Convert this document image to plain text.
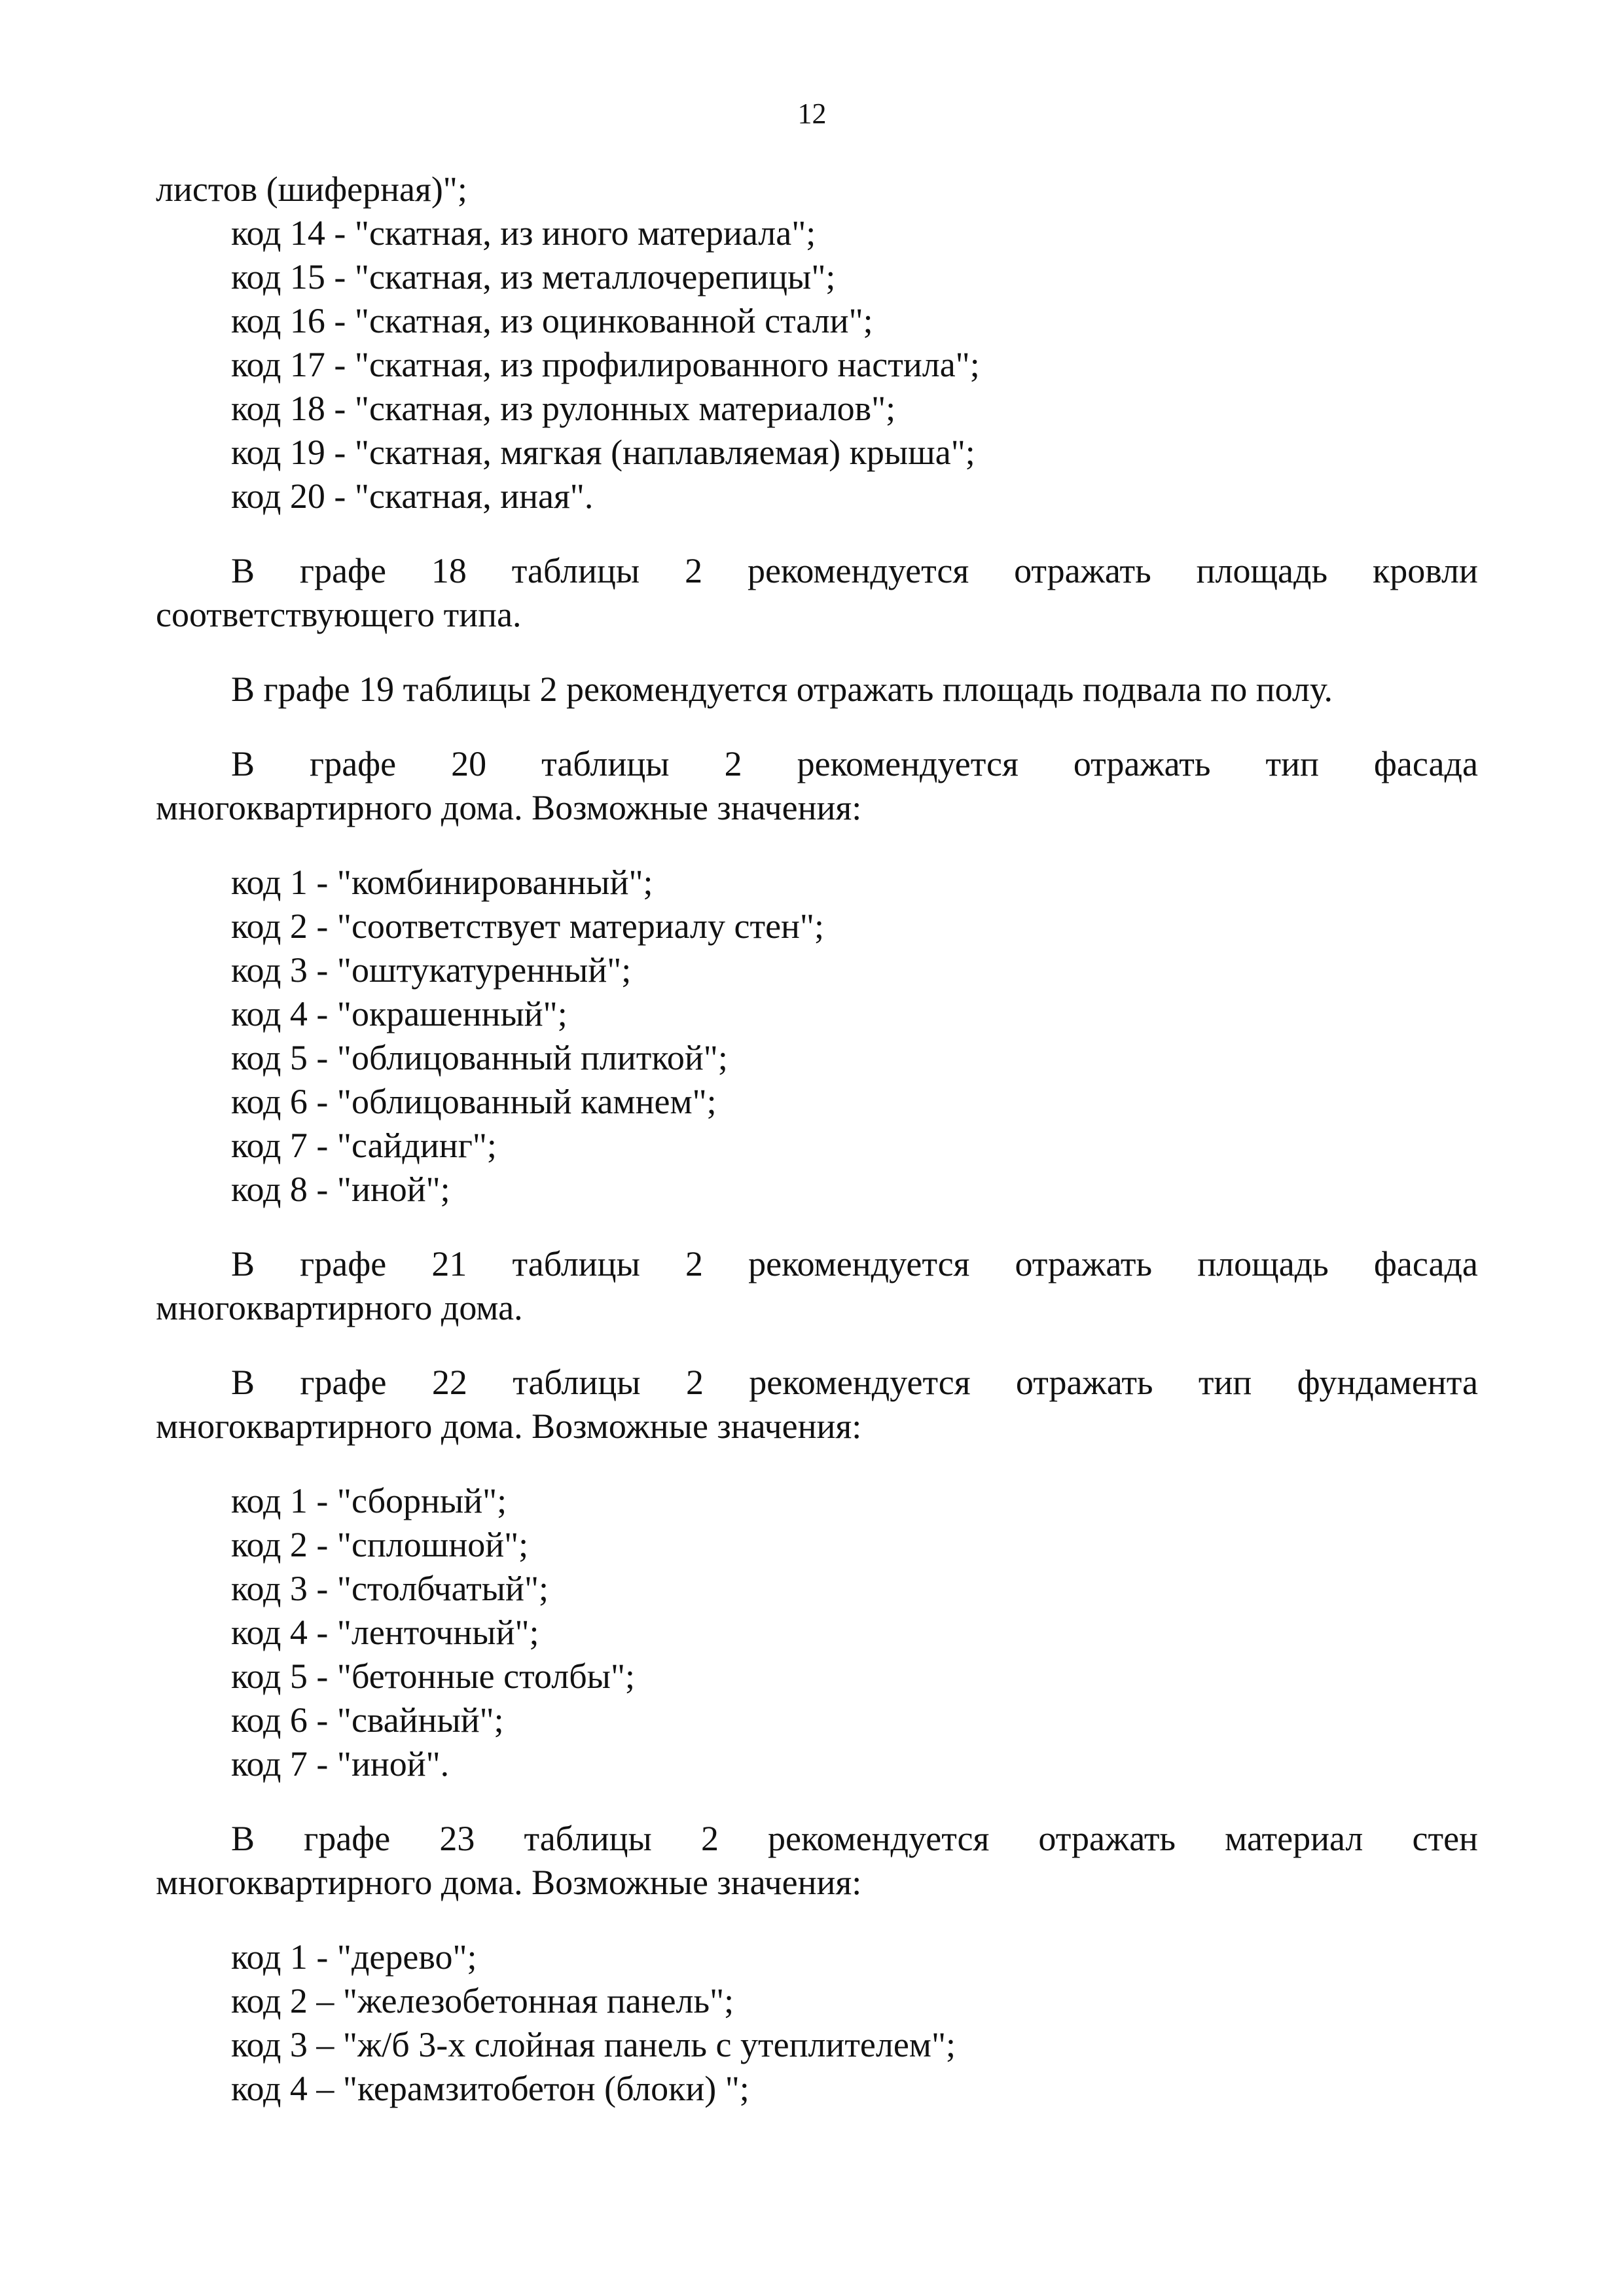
12
листов (шиферная)";
код 14 - "скатная, из иного материала";
код 15 - "скатная, из металлочерепицы";
код 16 - "скатная, из оцинкованной стали";
код 17 - "скатная, из профилированного настила";
код 18 - "скатная, из рулонных материалов";
код 19 - "скатная, мягкая (наплавляемая) крыша";
код 20 - "скатная, иная".
В графе 18 таблицы 2 рекомендуется отражать площадь кровли
соответствующего типа.
В графе 19 таблицы 2 рекомендуется отражать площадь подвала по полу.
В графе 20 таблицы 2 рекомендуется отражать тип фасада
многоквартирного дома. Возможные значения:
код 1 - "комбинированный";
код 2 - "соответствует материалу стен";
код 3 - "оштукатуренный";
код 4 - "окрашенный";
код 5 - "облицованный плиткой";
код 6 - "облицованный камнем";
код 7 - "сайдинг";
код 8 - "иной";
В графе 21 таблицы 2 рекомендуется отражать площадь фасада
многоквартирного дома.
В графе 22 таблицы 2 рекомендуется отражать тип фундамента
многоквартирного дома. Возможные значения:
код 1 - "сборный";
код 2 - "сплошной";
код 3 - "столбчатый";
код 4 - "ленточный";
код 5 - "бетонные столбы";
код 6 - "свайный";
код 7 - "иной".
В графе 23 таблицы 2 рекомендуется отражать материал стен
многоквартирного дома. Возможные значения:
код 1 - "дерево";
код 2 – "железобетонная панель";
код 3 – "ж/б 3-х слойная панель с утеплителем";
код 4 – "керамзитобетон (блоки) ";
